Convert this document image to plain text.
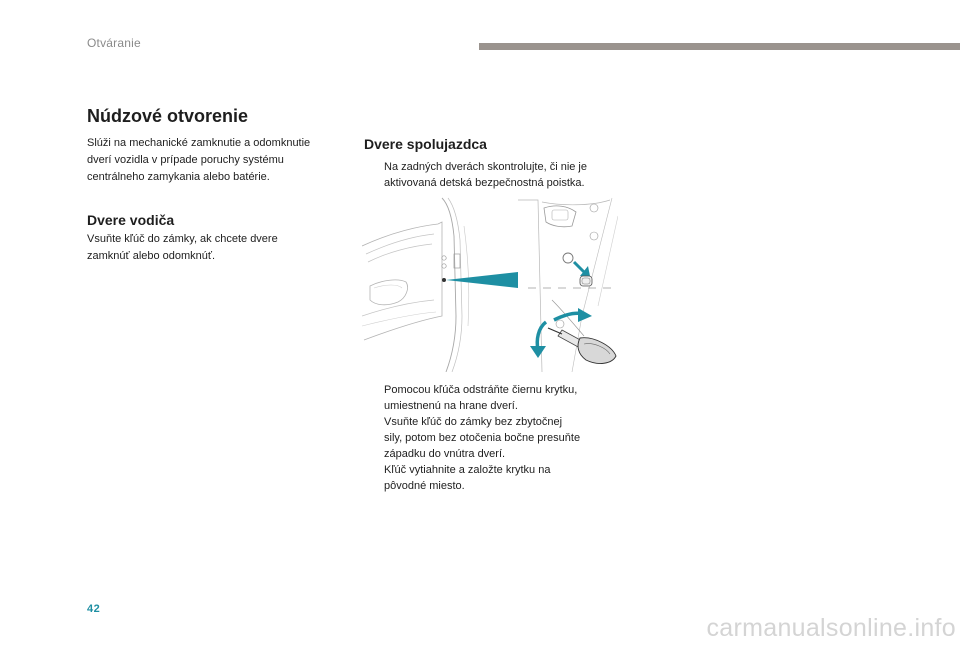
Otváranie
Núdzové otvorenie

Slúži na mechanické zamknutie a odomknutie
dverí vozidla v prípade poruchy systému
centrálneho zamykania alebo batérie.

Dvere vodiča

Vsuňte kľúč do zámky, ak chcete dvere
zamknúť alebo odomknúť.

Dvere spolujazdca
Na zadných dverách skontrolujte, či nie je
aktivovaná detská bezpečnostná poistka.
Pomocou kľúča odstráňte čiernu krytku,
umiestnenú na hrane dverí.
Vsuňte kľúč do zámky bez zbytočnej
sily, potom bez otočenia bočne presuňte
západku do vnútra dverí.
Kľúč vytiahnite a založte krytku na
pôvodné miesto.
42
carmanualsonline.info
